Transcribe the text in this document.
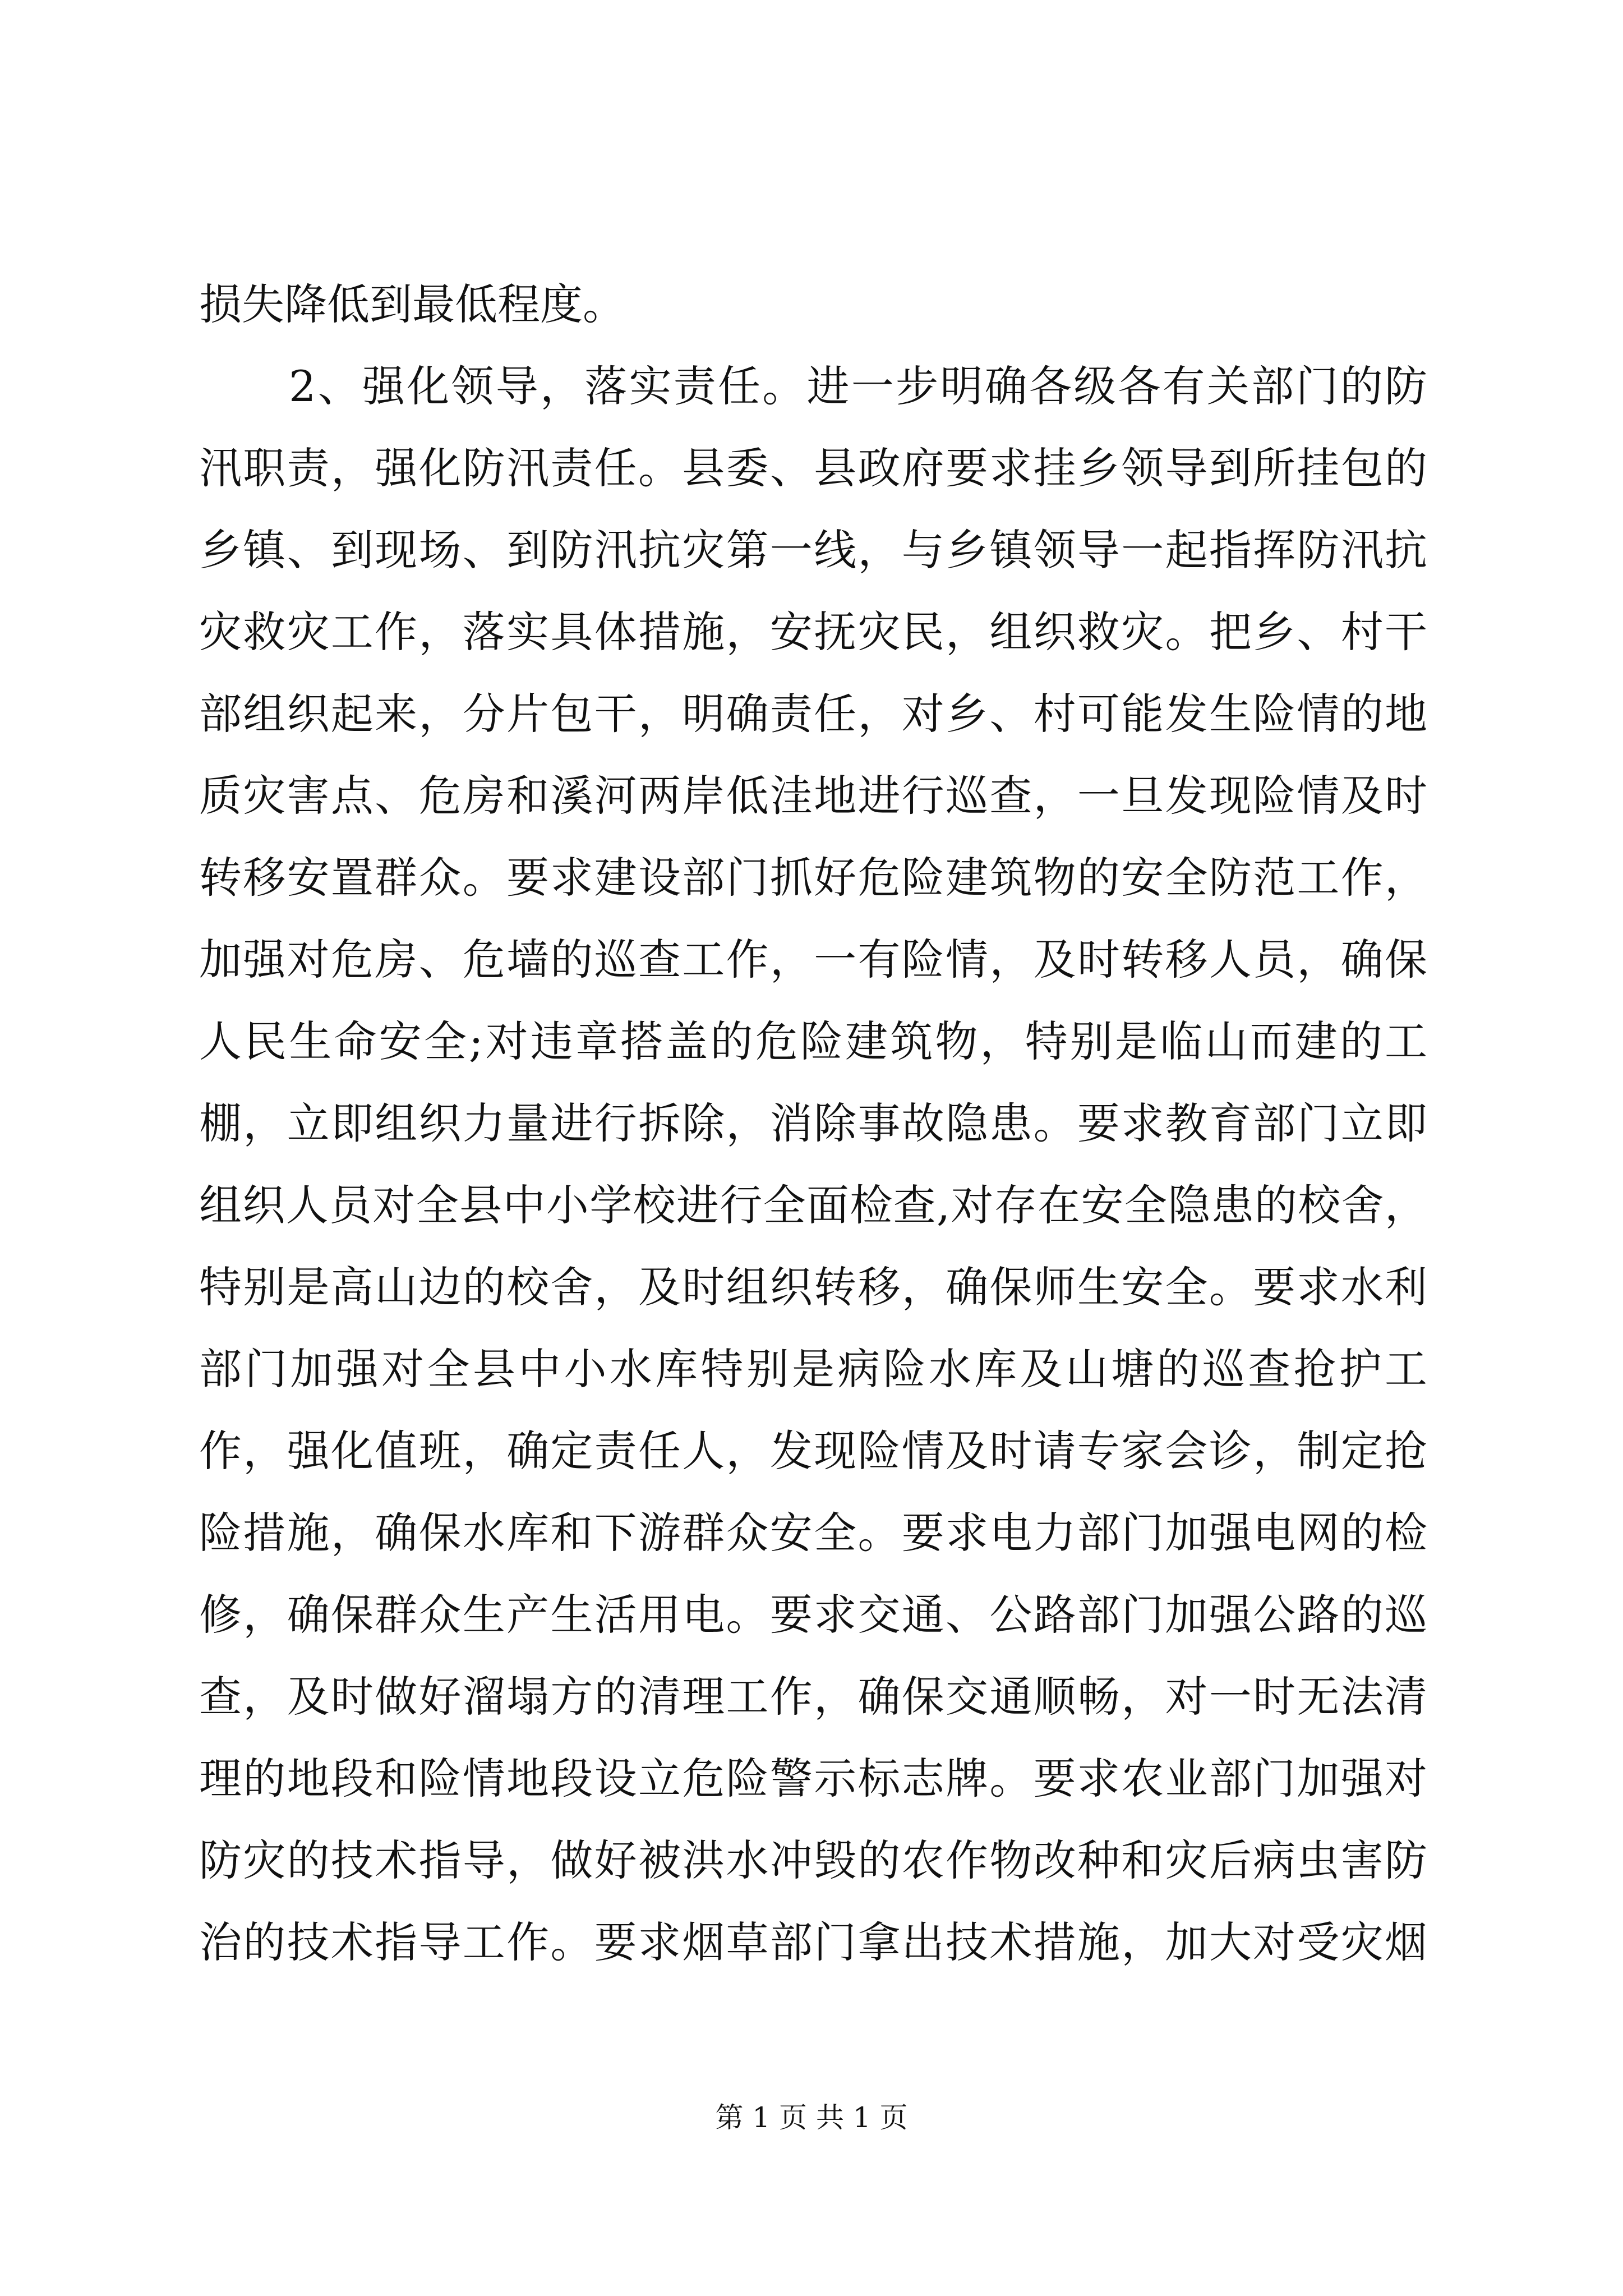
损失降低到最低程度。
2、强化领导，落实责任。进一步明确各级各有关部门的防
汛职责，强化防汛责任。县委、县政府要求挂乡领导到所挂包的
乡镇、到现场、到防汛抗灾第一线，与乡镇领导一起指挥防汛抗
灾救灾工作，落实具体措施，安抚灾民，组织救灾。把乡、村干
部组织起来，分片包干，明确责任，对乡、村可能发生险情的地
质灾害点、危房和溪河两岸低洼地进行巡查，一旦发现险情及时
转移安置群众。要求建设部门抓好危险建筑物的安全防范工作，
加强对危房、危墙的巡查工作，一有险情，及时转移人员，确保
人民生命安全;对违章搭盖的危险建筑物，特别是临山而建的工
棚，立即组织力量进行拆除，消除事故隐患。要求教育部门立即
组织人员对全县中小学校进行全面检查,对存在安全隐患的校舍，
特别是高山边的校舍，及时组织转移，确保师生安全。要求水利
部门加强对全县中小水库特别是病险水库及山塘的巡查抢护工
作，强化值班，确定责任人，发现险情及时请专家会诊，制定抢
险措施，确保水库和下游群众安全。要求电力部门加强电网的检
修，确保群众生产生活用电。要求交通、公路部门加强公路的巡
查，及时做好溜塌方的清理工作，确保交通顺畅，对一时无法清
理的地段和险情地段设立危险警示标志牌。要求农业部门加强对
防灾的技术指导，做好被洪水冲毁的农作物改种和灾后病虫害防
治的技术指导工作。要求烟草部门拿出技术措施，加大对受灾烟
第 1 页 共 1 页
